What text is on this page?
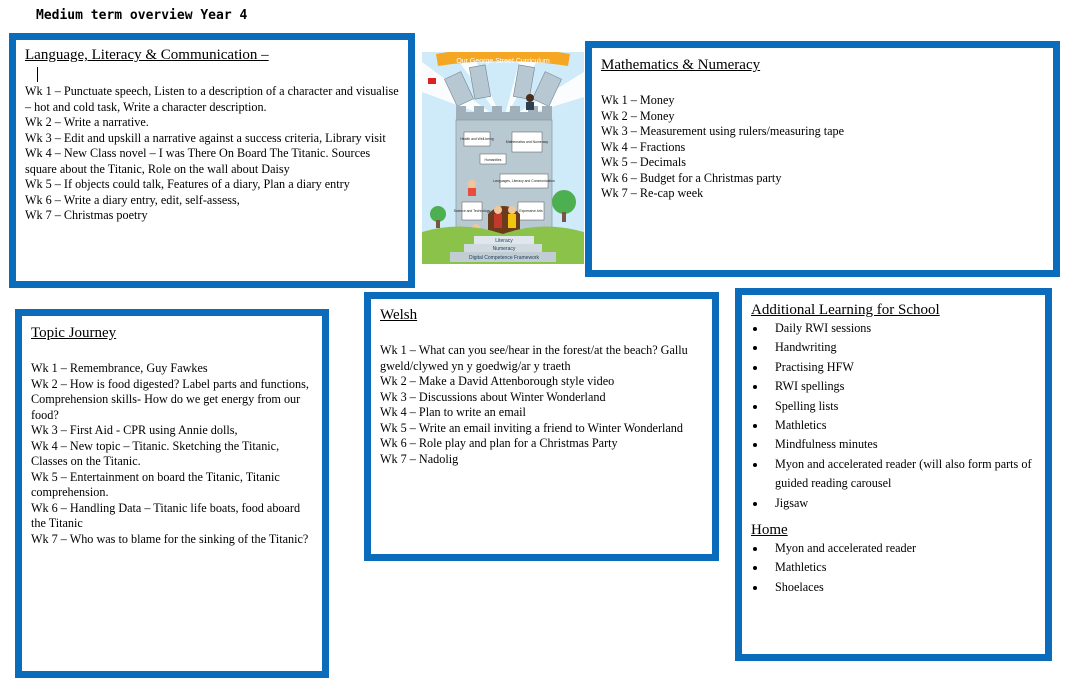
Medium term overview Year 4
Language, Literacy & Communication –
Wk 1 – Punctuate speech, Listen to a description of a character and visualise – hot and cold task, Write a character description.
Wk 2 – Write a narrative.
Wk 3 – Edit and upskill a narrative against a success criteria, Library visit
Wk 4 – New Class novel – I was There On Board The Titanic. Sources square about the Titanic, Role on the wall about Daisy
Wk 5 – If objects could talk, Features of a diary, Plan a diary entry
Wk 6 – Write a diary entry, edit, self-assess,
Wk 7 – Christmas poetry
Our George Street Curriculum
Health and Well-being
Mathematics and Numeracy
Humanities
Languages, Literacy and Communication
Science and Technology	Expressive Arts
Literacy
Numeracy
Digital Competence Framework
Mathematics & Numeracy
Wk 1 – Money
Wk 2 – Money
Wk 3 – Measurement using rulers/measuring tape
Wk 4 – Fractions
Wk 5 – Decimals
Wk 6 – Budget for a Christmas party
Wk 7 – Re-cap week
Topic Journey
Wk 1 – Remembrance, Guy Fawkes
Wk 2 – How is food digested? Label parts and functions, Comprehension skills- How do we get energy from our food?
Wk 3 – First Aid - CPR using Annie dolls,
Wk 4 – New topic – Titanic. Sketching the Titanic, Classes on the Titanic.
Wk 5 – Entertainment on board the Titanic, Titanic comprehension.
Wk 6 – Handling Data – Titanic life boats, food aboard the Titanic
Wk 7 – Who was to blame for the sinking of the Titanic?
Welsh
Wk 1 – What can you see/hear in the forest/at the beach? Gallu gweld/clywed yn y goedwig/ar y traeth
Wk 2 – Make a David Attenborough style video
Wk 3 – Discussions about Winter Wonderland
Wk 4 – Plan to write an email
Wk 5 – Write an email inviting a friend to Winter Wonderland
Wk 6 – Role play and plan for a Christmas Party
Wk 7 – Nadolig
Additional Learning for School
Daily RWI sessions
Handwriting
Practising HFW
RWI spellings
Spelling lists
Mathletics
Mindfulness minutes
Myon and accelerated reader (will also form parts of guided reading carousel
Jigsaw
Home
Myon and accelerated reader
Mathletics
Shoelaces
